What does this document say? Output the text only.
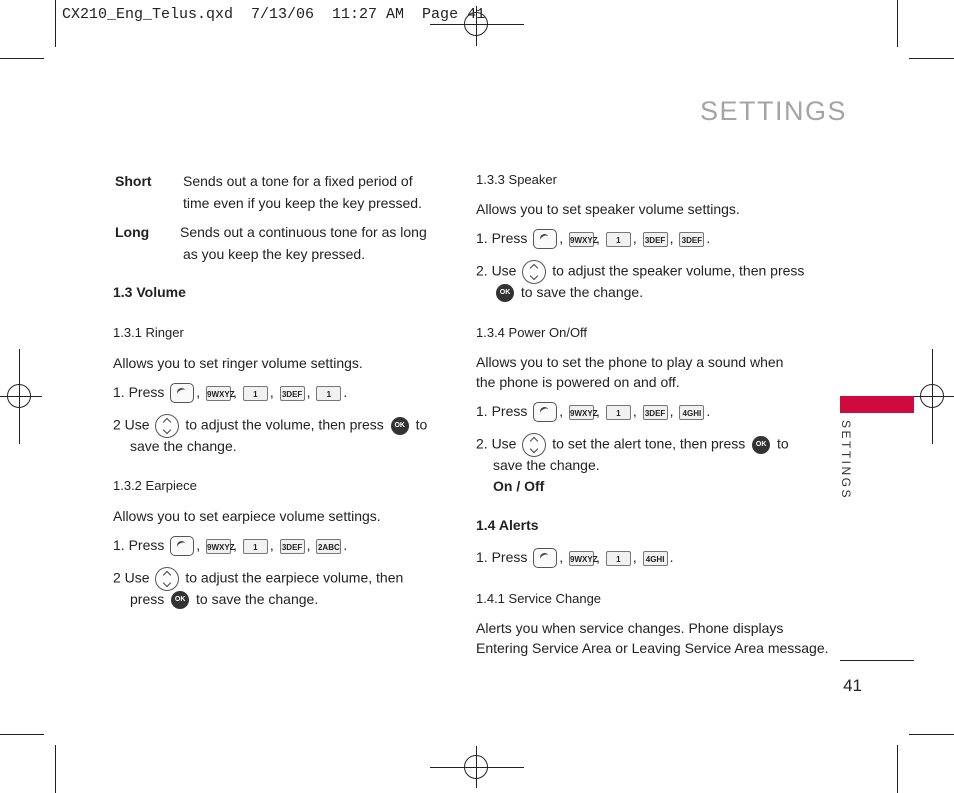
CX210_Eng_Telus.qxd  7/13/06  11:27 AM  Page 41
SETTINGS
SETTINGS
41
Short Sends out a tone for a fixed period of
time even if you keep the key pressed.
Long Sends out a continuous tone for as long
as you keep the key pressed.
1.3 Volume
1.3.1 Ringer
Allows you to set ringer volume settings.
1. Press , 9WXYZ, 1 , 3DEF , 1 .
2 Use	to adjust the volume, then press OK to
save the change.
1.3.2 Earpiece
Allows you to set earpiece volume settings.
1. Press , 9WXYZ, 1 , 3DEF , 2ABC .
2 Use	to adjust the earpiece volume, then
press OK to save the change.
1.3.3 Speaker
Allows you to set speaker volume settings.
1. Press , 9WXYZ, 1 , 3DEF , 3DEF .
2. Use	to adjust the speaker volume, then press
OK to save the change.
1.3.4 Power On/Off
Allows you to set the phone to play a sound when
the phone is powered on and off.
1. Press , 9WXYZ, 1 , 3DEF , 4GHI .
2. Use	to set the alert tone, then press OK to
save the change.
On / Off
1.4 Alerts
1. Press , 9WXYZ, 1 , 4GHI .
1.4.1 Service Change
Alerts you when service changes. Phone displays
Entering Service Area or Leaving Service Area message.
